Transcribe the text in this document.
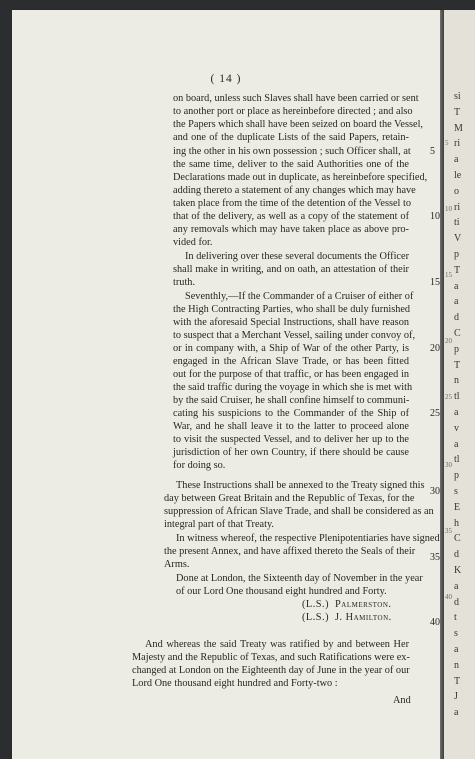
( 14 )
on board, unless such Slaves shall have been carried or sent
to another port or place as hereinbefore directed ; and also
the Papers which shall have been seized on board the Vessel,
and one of the duplicate Lists of the said Papers, retain-
ing the other in his own possession ; such Officer shall, at
the same time, deliver to the said Authorities one of the
Declarations made out in duplicate, as hereinbefore specified,
adding thereto a statement of any changes which may have
taken place from the time of the detention of the Vessel to
that of the delivery, as well as a copy of the statement of
any removals which may have taken place as above pro-
vided for.
In delivering over these several documents the Officer
shall make in writing, and on oath, an attestation of their
truth.
Seventhly,—If the Commander of a Cruiser of either of
the High Contracting Parties, who shall be duly furnished
with the aforesaid Special Instructions, shall have reason
to suspect that a Merchant Vessel, sailing under convoy of,
or in company with, a Ship of War of the other Party, is
engaged in the African Slave Trade, or has been fitted
out for the purpose of that traffic, or has been engaged in
the said traffic during the voyage in which she is met with
by the said Cruiser, he shall confine himself to communi-
cating his suspicions to the Commander of the Ship of
War, and he shall leave it to the latter to proceed alone
to visit the suspected Vessel, and to deliver her up to the
jurisdiction of her own Country, if there should be cause
for doing so.
These Instructions shall be annexed to the Treaty signed this
day between Great Britain and the Republic of Texas, for the
suppression of African Slave Trade, and shall be considered as an
integral part of that Treaty.
In witness whereof, the respective Plenipotentiaries have signed
the present Annex, and have affixed thereto the Seals of their
Arms.
Done at London, the Sixteenth day of November in the year
of our Lord One thousand eight hundred and Forty.
(L.S.) Palmerston.
(L.S.) J. Hamilton.
And whereas the said Treaty was ratified by and between Her
Majesty and the Republic of Texas, and such Ratifications were ex-
changed at London on the Eighteenth day of June in the year of our
Lord One thousand eight hundred and Forty-two :
And
5
10
15
20
25
30
35
40
si
T
M
ri
a
le
o
ri
ti
V
p
T
a
a
d
C
p
T
n
tl
a
v
a
tl
p
s
E
h
C
d
K
a
d
t
s
a
n
T
J
a
5
10
15
20
25
30
35
40
